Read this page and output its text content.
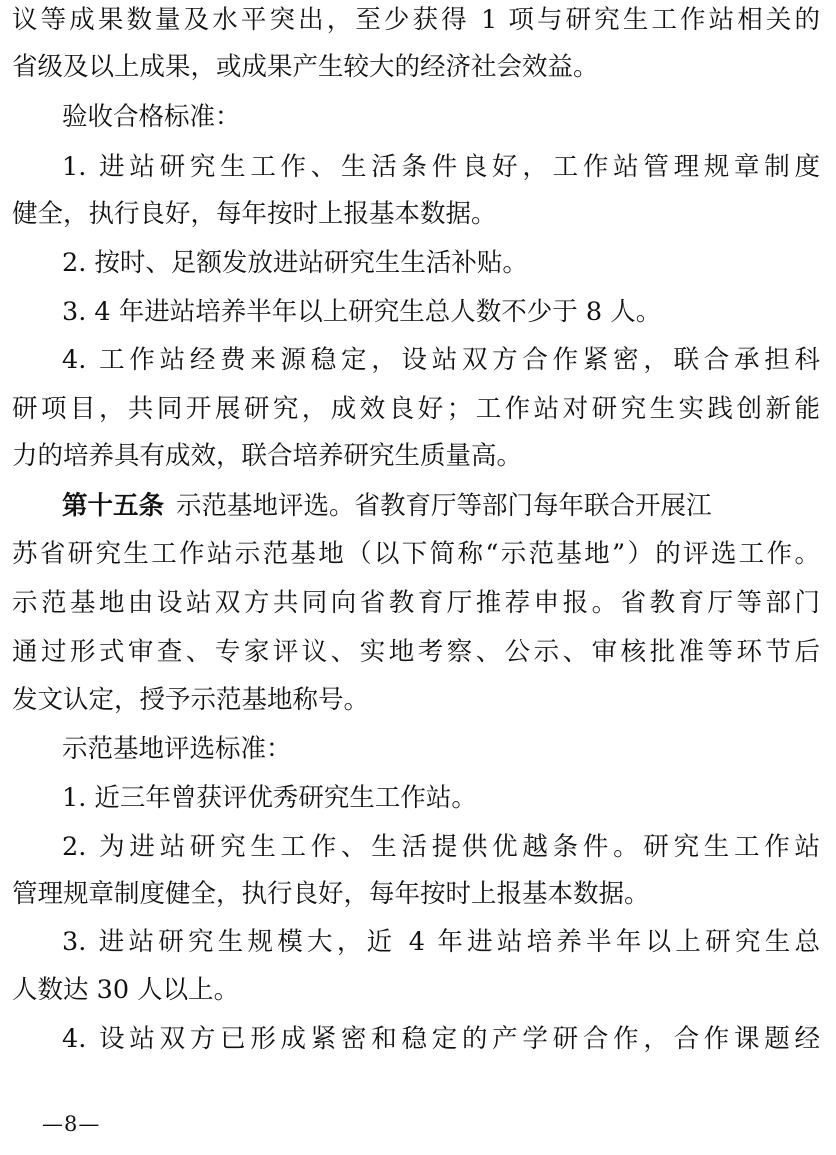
议等成果数量及水平突出，至少获得 1 项与研究生工作站相关的
省级及以上成果，或成果产生较大的经济社会效益。
验收合格标准：
1. 进站研究生工作、生活条件良好，工作站管理规章制度
健全，执行良好，每年按时上报基本数据。
2. 按时、足额发放进站研究生生活补贴。
3. 4 年进站培养半年以上研究生总人数不少于 8 人。
4. 工作站经费来源稳定，设站双方合作紧密，联合承担科
研项目，共同开展研究，成效良好；工作站对研究生实践创新能
力的培养具有成效，联合培养研究生质量高。
第十五条 示范基地评选。省教育厅等部门每年联合开展江
苏省研究生工作站示范基地（以下简称“示范基地”）的评选工作。
示范基地由设站双方共同向省教育厅推荐申报。省教育厅等部门
通过形式审查、专家评议、实地考察、公示、审核批准等环节后
发文认定，授予示范基地称号。
示范基地评选标准：
1. 近三年曾获评优秀研究生工作站。
2. 为进站研究生工作、生活提供优越条件。研究生工作站
管理规章制度健全，执行良好，每年按时上报基本数据。
3. 进站研究生规模大，近 4 年进站培养半年以上研究生总
人数达 30 人以上。
4. 设站双方已形成紧密和稳定的产学研合作，合作课题经
—8—
